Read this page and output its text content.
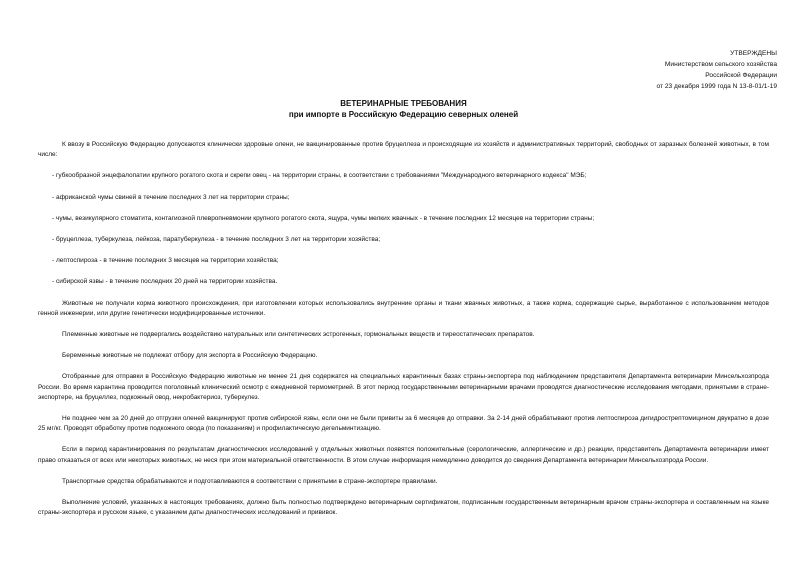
УТВЕРЖДЕНЫ
Министерством сельского хозяйства
Российской Федерации
от 23 декабря 1999 года N 13-8-01/1-19
ВЕТЕРИНАРНЫЕ ТРЕБОВАНИЯ
при импорте в Российскую Федерацию северных оленей

К ввозу в Российскую Федерацию допускаются клинически здоровые олени, не вакцинированные против бруцеллеза и происходящие из хозяйств и административных территорий, свободных от заразных болезней животных, в том числе:

- губкообразной энцефалопатии крупного рогатого скота и скрепи овец - на территории страны, в соответствии с требованиями "Международного ветеринарного кодекса" МЭБ;

- африканской чумы свиней в течение последних 3 лет на территории страны;

- чумы, везикулярного стоматита, контагиозной плевропневмонии крупного рогатого скота, ящура, чумы мелких жвачных - в течение последних 12 месяцев на территории страны;

- бруцеллеза, туберкулеза, лейкоза, паратуберкулеза - в течение последних 3 лет на территории хозяйства;

- лептоспироза - в течение последних 3 месяцев на территории хозяйства;

- сибирской язвы - в течение последних 20 дней на территории хозяйства.

Животные не получали корма животного происхождения, при изготовлении которых использовались внутренние органы и ткани жвачных животных, а также корма, содержащие сырье, выработанное с использованием методов генной инженерии, или другие генетически модифицированные источники.

Племенные животные не подвергались воздействию натуральных или синтетических эстрогенных, гормональных веществ и тиреостатических препаратов.

Беременные животные не подлежат отбору для экспорта в Российскую Федерацию.

Отобранные для отправки в Российскую Федерацию животные не менее 21 дня содержатся на специальных карантинных базах страны-экспортера под наблюдением представителя Департамента ветеринарии Минсельхозпрода России. Во время карантина проводится поголовный клинический осмотр с ежедневной термометрией. В этот период государственными ветеринарными врачами проводятся диагностические исследования методами, принятыми в стране-экспортере, на бруцеллез, подкожный овод, некробактериоз, туберкулез.

Не позднее чем за 20 дней до отгрузки оленей вакцинируют против сибирской язвы, если они не были привиты за 6 месяцев до отправки. За 2-14 дней обрабатывают против лептоспироза дигидрострептомицином двукратно в дозе 25 мг/кг. Проводят обработку против подкожного овода (по показаниям) и профилактическую дегельминтизацию.

Если в период карантинирования по результатам диагностических исследований у отдельных животных появятся положительные (серологические, аллергические и др.) реакции, представитель Департамента ветеринарии имеет право отказаться от всех или некоторых животных, не неся при этом материальной ответственности. В этом случае информация немедленно доводится до сведения Департамента ветеринарии Минсельхозпрода России.

Транспортные средства обрабатываются и подготавливаются в соответствии с принятыми в стране-экспортере правилами.

Выполнение условий, указанных в настоящих требованиях, должно быть полностью подтверждено ветеринарным сертификатом, подписанным государственным ветеринарным врачом страны-экспортера и составленным на языке страны-экспортера и русском языке, с указанием даты диагностических исследований и прививок.
